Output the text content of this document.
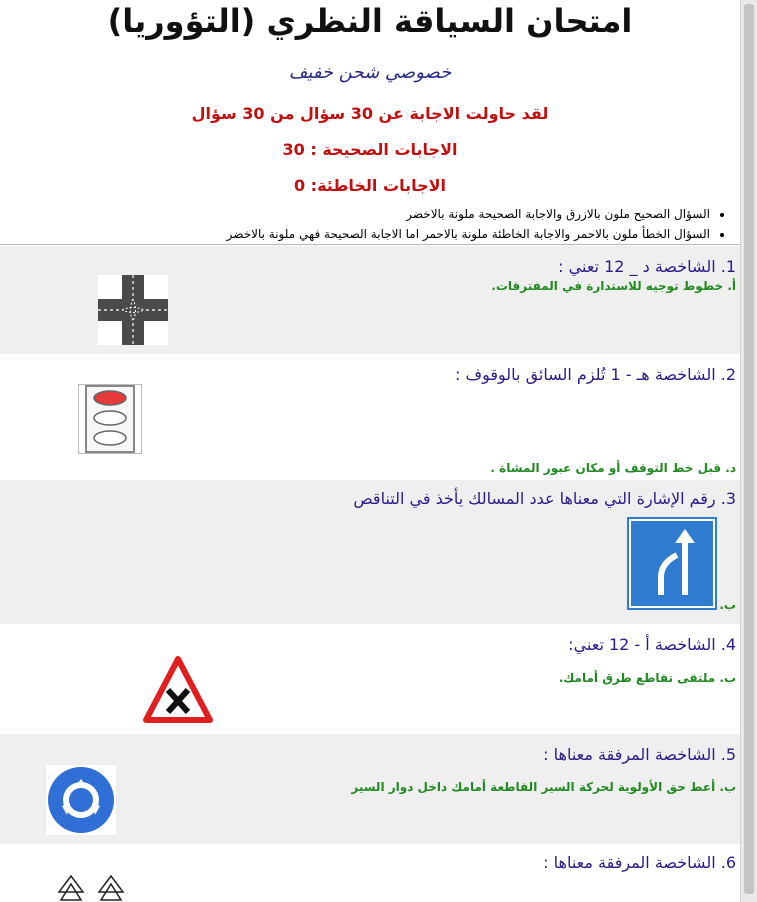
امتحان السياقة النظري (التؤوريا)
خصوصي شحن خفيف
لقد حاولت الاجابة عن 30 سؤال من 30 سؤال
الاجابات الصحيحة : 30
الاجابات الخاطئة: 0
• السؤال الصحيح ملون بالازرق والاجابة الصحيحة ملونة بالاخضر
• السؤال الخطأ ملون بالاحمر والاجابة الخاطئة ملونة بالاحمر اما الاجابة الصحيحة فهي ملونة بالاخضر
1. الشاخصة د _ 12 تعني :
أ. خطوط توجيه للاستدارة في المفترقات.
2. الشاخصة هـ - 1 تُلزم السائق بالوقوف :
د. قبل خط التوقف أو مكان عبور المشاة .
3. رقم الإشارة التي معناها عدد المسالك يأخذ في التناقص
ب.
4. الشاخصة أ - 12 تعني:
ب. ملتقى تقاطع طرق أمامك.
5. الشاخصة المرفقة معناها :
ب. أعط حق الأولوية لحركة السير القاطعة أمامك داخل دوار السير
6. الشاخصة المرفقة معناها :
